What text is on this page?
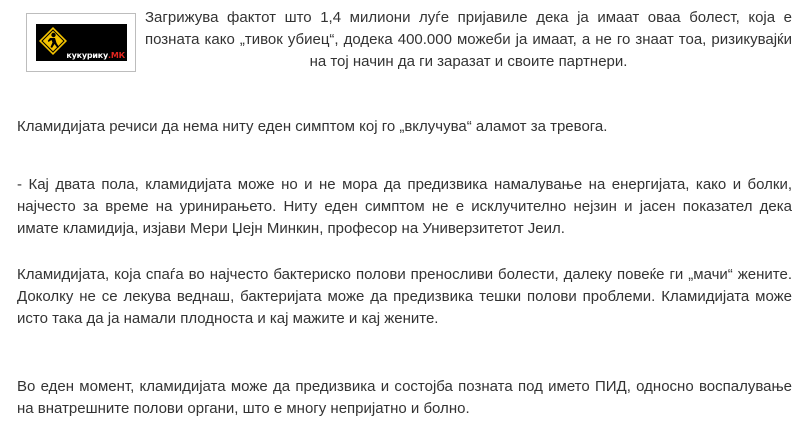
кукурику.МК

Загрижува фактот што 1,4 милиони луѓе пријавиле дека ја имаат оваа болест, која е позната како „тивок убиец“, додека 400.000 можеби ја имаат, а не го знаат тоа, ризикувајќи на тој начин да ги заразат и своите партнери.

Кламидијата речиси да нема ниту еден симптом кој го „вклучува“ аламот за тревога.

- Кај двата пола, кламидијата може но и не мора да предизвика намалување на енергијата, како и болки, најчесто за време на уринирањето. Ниту еден симптом не е исклучително нејзин и јасен показател дека имате кламидија, изјави Мери Џејн Минкин, професор на Универзитетот Јеил.

Кламидијата, која спаѓа во најчесто бактериско полови преносливи болести, далеку повеќе ги „мачи“ жените. Доколку не се лекува веднаш, бактеријата може да предизвика тешки полови проблеми. Кламидијата може исто така да ја намали плодноста и кај мажите и кај жените.

Во еден момент, кламидијата може да предизвика и состојба позната под името ПИД, односно воспалување на внатрешните полови органи, што е многу непријатно и болно.
